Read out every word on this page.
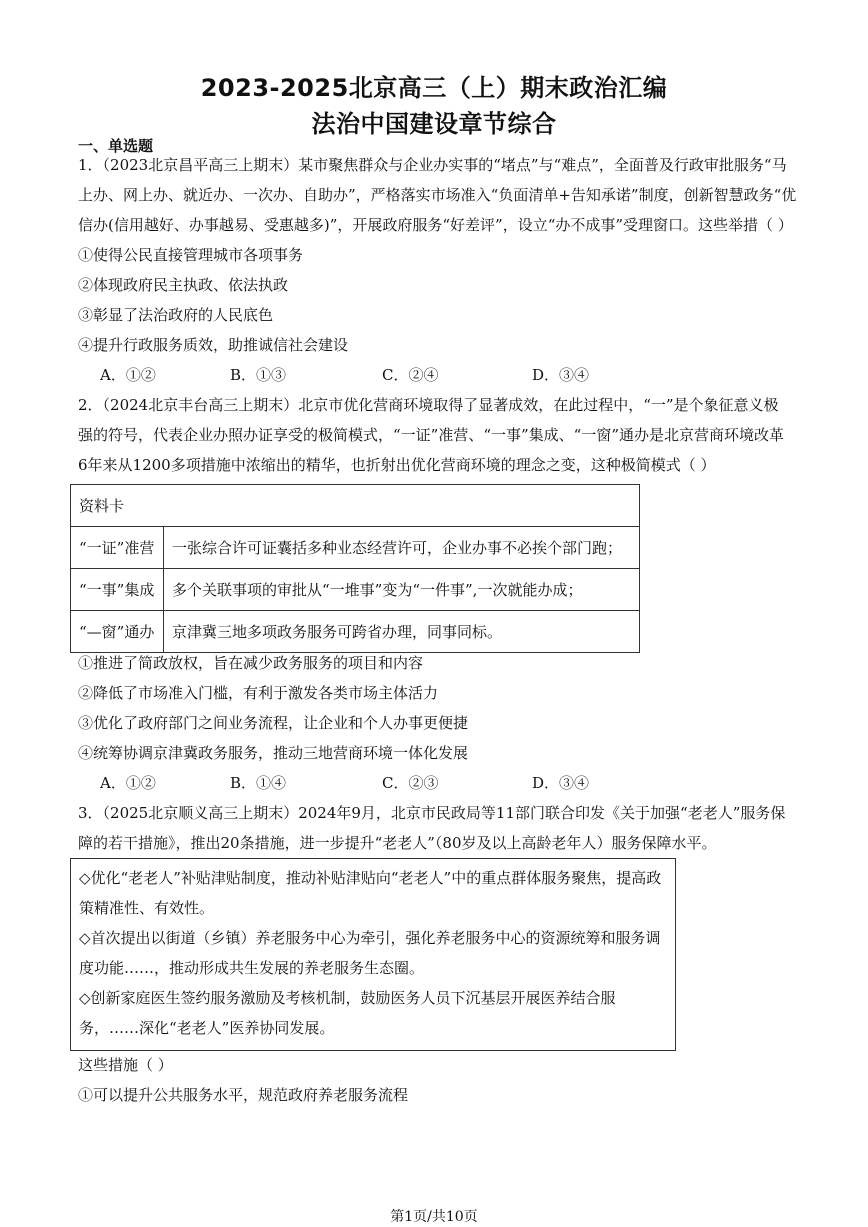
2023-2025北京高三（上）期末政治汇编
法治中国建设章节综合
一、单选题
1．（2023北京昌平高三上期末）某市聚焦群众与企业办实事的“堵点”与“难点”，全面普及行政审批服务“马
上办、网上办、就近办、一次办、自助办”，严格落实市场准入“负面清单+告知承诺”制度，创新智慧政务“优
信办(信用越好、办事越易、受惠越多)”，开展政府服务“好差评”，设立“办不成事”受理窗口。这些举措（ ）
①使得公民直接管理城市各项事务
②体现政府民主执政、依法执政
③彰显了法治政府的人民底色
④提升行政服务质效，助推诚信社会建设
A．①②	B．①③	C．②④	D．③④
2．（2024北京丰台高三上期末）北京市优化营商环境取得了显著成效，在此过程中，“一”是个象征意义极
强的符号，代表企业办照办证享受的极简模式，“一证”准营、“一事”集成、“一窗”通办是北京营商环境改革
6年来从1200多项措施中浓缩出的精华，也折射出优化营商环境的理念之变，这种极简模式（ ）
资料卡	
“一证”准营	一张综合许可证囊括多种业态经营许可，企业办事不必挨个部门跑；
“一事”集成	多个关联事项的审批从“一堆事”变为“一件事”,一次就能办成；
“—窗”通办	京津冀三地多项政务服务可跨省办理，同事同标。
①推进了简政放权，旨在减少政务服务的项目和内容
②降低了市场准入门槛，有利于激发各类市场主体活力
③优化了政府部门之间业务流程，让企业和个人办事更便捷
④统筹协调京津冀政务服务，推动三地营商环境一体化发展
A．①②	B．①④	C．②③	D．③④
3．（2025北京顺义高三上期末）2024年9月，北京市民政局等11部门联合印发《关于加强“老老人”服务保
障的若干措施》，推出20条措施，进一步提升“老老人”（80岁及以上高龄老年人）服务保障水平。
◇优化“老老人”补贴津贴制度，推动补贴津贴向“老老人”中的重点群体服务聚焦，提高政
策精准性、有效性。
◇首次提出以街道（乡镇）养老服务中心为牵引，强化养老服务中心的资源统筹和服务调
度功能……，推动形成共生发展的养老服务生态圈。
◇创新家庭医生签约服务激励及考核机制，鼓励医务人员下沉基层开展医养结合服
务，……深化“老老人”医养协同发展。
这些措施（ ）
①可以提升公共服务水平，规范政府养老服务流程
第1页/共10页
